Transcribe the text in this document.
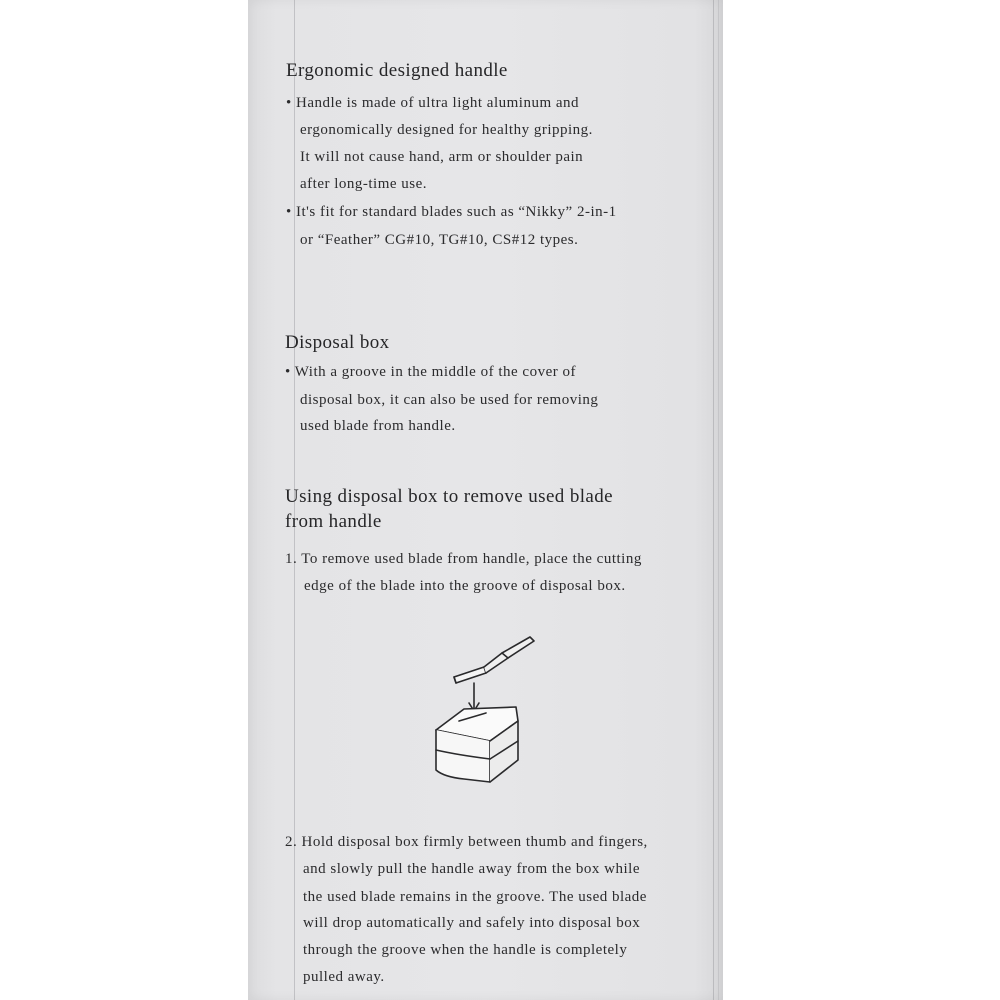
Ergonomic designed handle
• Handle is made of ultra light aluminum and
ergonomically designed for healthy gripping.
It will not cause hand, arm or shoulder pain
after long-time use.
• It's fit for standard blades such as “Nikky” 2-in-1
or “Feather” CG#10, TG#10, CS#12 types.
Disposal box
• With a groove in the middle of the cover of
disposal box, it can also be used for removing
used blade from handle.
Using disposal box to remove used blade
from handle
1. To remove used blade from handle, place the cutting
edge of the blade into the groove of disposal box.
2. Hold disposal box firmly between thumb and fingers,
and slowly pull the handle away from the box while
the used blade remains in the groove. The used blade
will drop automatically and safely into disposal box
through the groove when the handle is completely
pulled away.
